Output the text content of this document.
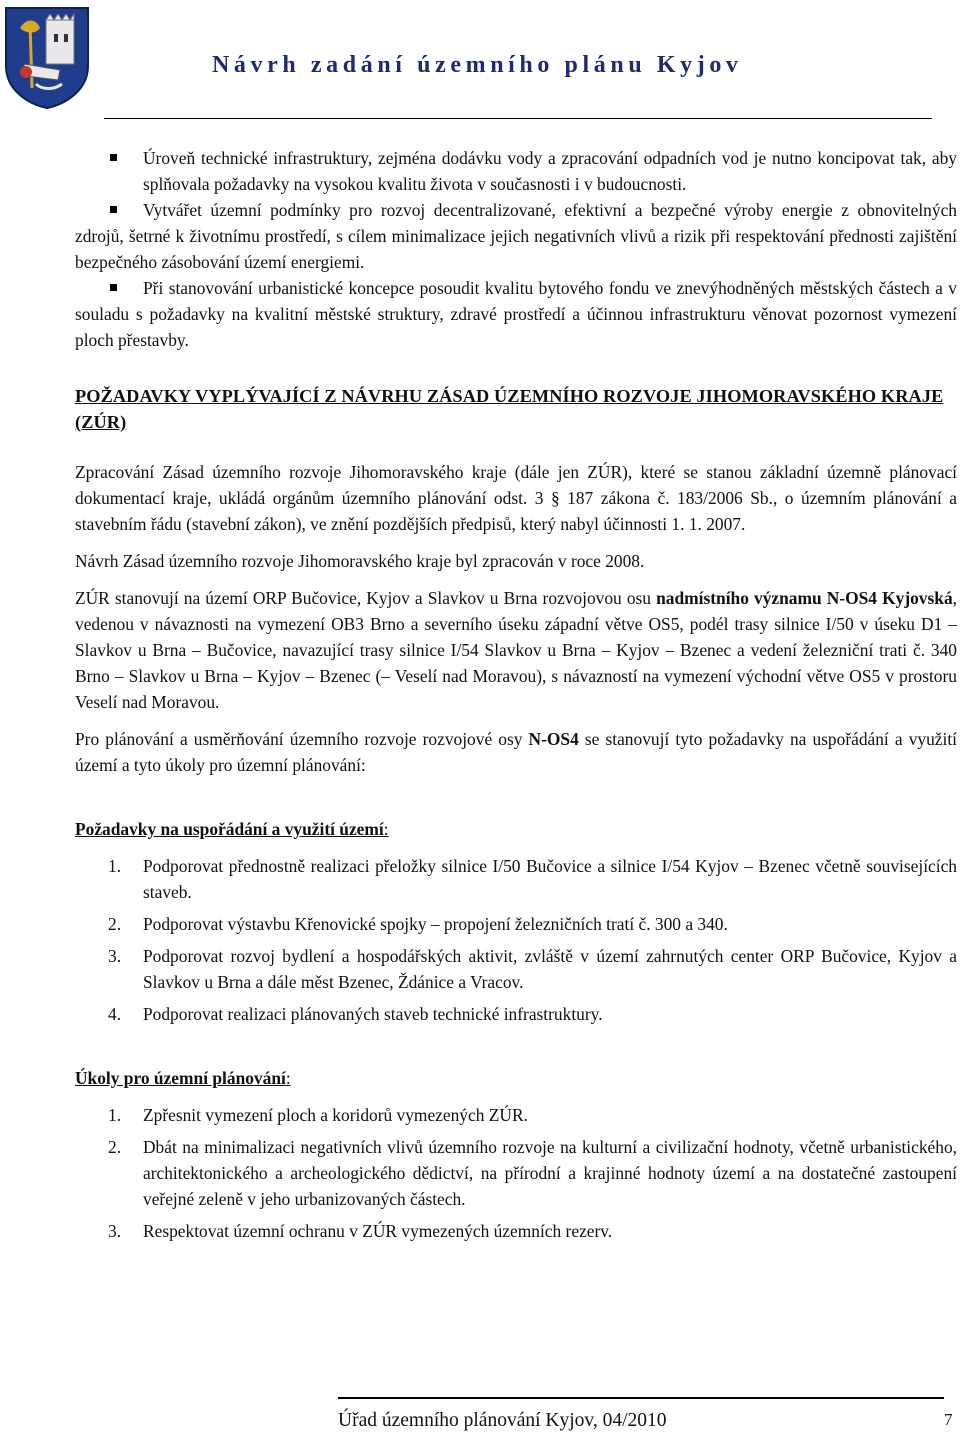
Návrh zadání územního plánu Kyjov
Úroveň technické infrastruktury, zejména dodávku vody a zpracování odpadních vod je nutno koncipovat tak, aby splňovala požadavky na vysokou kvalitu života v současnosti i v budoucnosti.
Vytvářet územní podmínky pro rozvoj decentralizované, efektivní a bezpečné výroby energie z obnovitelných zdrojů, šetrné k životnímu prostředí, s cílem minimalizace jejich negativních vlivů a rizik při respektování přednosti zajištění bezpečného zásobování území energiemi.
Při stanovování urbanistické koncepce posoudit kvalitu bytového fondu ve znevýhodněných městských částech a v souladu s požadavky na kvalitní městské struktury, zdravé prostředí a účinnou infrastrukturu věnovat pozornost vymezení ploch přestavby.
POŽADAVKY VYPLÝVAJÍCÍ Z NÁVRHU ZÁSAD ÚZEMNÍHO ROZVOJE JIHOMORAVSKÉHO KRAJE (ZÚR)

Zpracování Zásad územního rozvoje Jihomoravského kraje (dále jen ZÚR), které se stanou základní územně plánovací dokumentací kraje, ukládá orgánům územního plánování odst. 3 § 187 zákona č. 183/2006 Sb., o územním plánování a stavebním řádu (stavební zákon), ve znění pozdějších předpisů, který nabyl účinnosti 1. 1. 2007.

Návrh Zásad územního rozvoje Jihomoravského kraje byl zpracován v roce 2008.

ZÚR stanovují na území ORP Bučovice, Kyjov a Slavkov u Brna rozvojovou osu nadmístního významu N-OS4 Kyjovská, vedenou v návaznosti na vymezení OB3 Brno a severního úseku západní větve OS5, podél trasy silnice I/50 v úseku D1 – Slavkov u Brna – Bučovice, navazující trasy silnice I/54 Slavkov u Brna – Kyjov – Bzenec a vedení železniční trati č. 340 Brno – Slavkov u Brna – Kyjov – Bzenec (– Veselí nad Moravou), s návazností na vymezení východní větve OS5 v prostoru Veselí nad Moravou.

Pro plánování a usměrňování územního rozvoje rozvojové osy N-OS4 se stanovují tyto požadavky na uspořádání a využití území a tyto úkoly pro územní plánování:

Požadavky na uspořádání a využití území:
1. Podporovat přednostně realizaci přeložky silnice I/50 Bučovice a silnice I/54 Kyjov – Bzenec včetně souvisejících staveb.
2. Podporovat výstavbu Křenovické spojky – propojení železničních tratí č. 300 a 340.
3. Podporovat rozvoj bydlení a hospodářských aktivit, zvláště v území zahrnutých center ORP Bučovice, Kyjov a Slavkov u Brna a dále měst Bzenec, Ždánice a Vracov.
4. Podporovat realizaci plánovaných staveb technické infrastruktury.
Úkoly pro územní plánování:
1. Zpřesnit vymezení ploch a koridorů vymezených ZÚR.
2. Dbát na minimalizaci negativních vlivů územního rozvoje na kulturní a civilizační hodnoty, včetně urbanistického, architektonického a archeologického dědictví, na přírodní a krajinné hodnoty území a na dostatečné zastoupení veřejné zeleně v jeho urbanizovaných částech.
3. Respektovat územní ochranu v ZÚR vymezených územních rezerv.
Úřad územního plánování Kyjov, 04/2010	7
